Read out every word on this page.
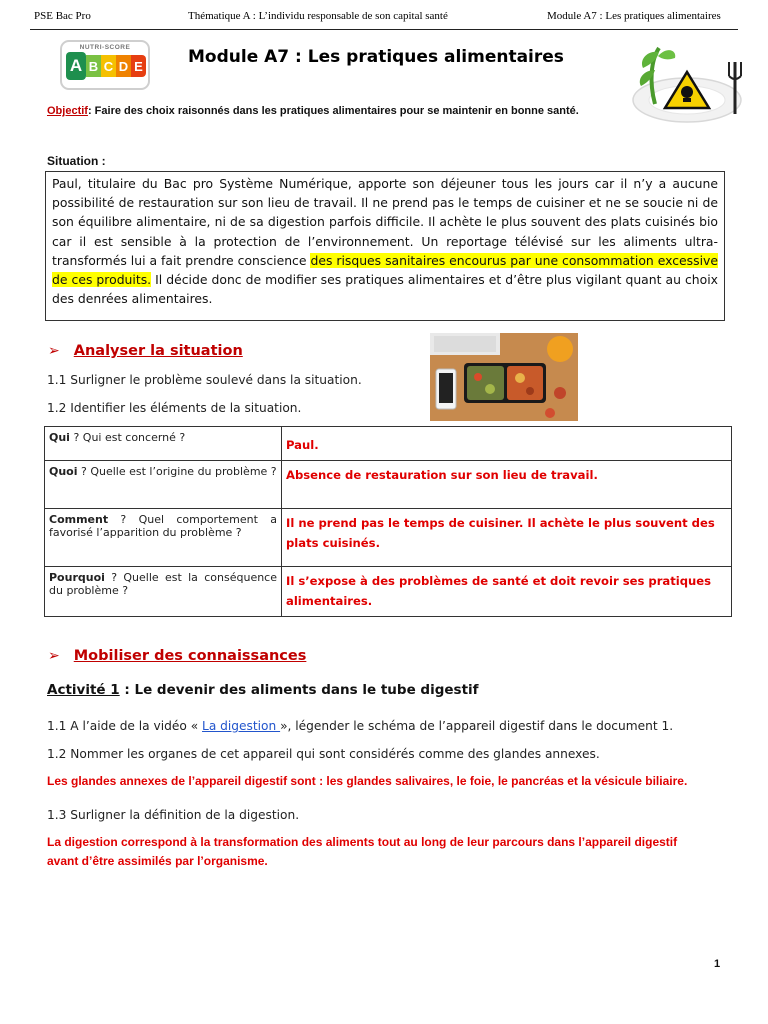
PSE Bac Pro	Thématique A : L’individu responsable de son capital santé	Module A7 : Les pratiques alimentaires
NUTRI-SCORE
A B C D E	Module A7 : Les pratiques alimentaires
Objectif: Faire des choix raisonnés dans les pratiques alimentaires pour se maintenir en bonne santé.
Situation :
Paul, titulaire du Bac pro Système Numérique, apporte son déjeuner tous les jours car il n’y a aucune possibilité de restauration sur son lieu de travail. Il ne prend pas le temps de cuisiner et ne se soucie ni de son équilibre alimentaire, ni de sa digestion parfois difficile. Il achète le plus souvent des plats cuisinés bio car il est sensible à la protection de l’environnement. Un reportage télévisé sur les aliments ultra-transformés lui a fait prendre conscience des risques sanitaires encourus par une consommation excessive de ces produits. Il décide donc de modifier ses pratiques alimentaires et d’être plus vigilant quant au choix des denrées alimentaires.
➢ Analyser la situation
1.1 Surligner le problème soulevé dans la situation.
1.2 Identifier les éléments de la situation.
Qui ? Qui est concerné ?	Paul.
Quoi ? Quelle est l’origine du problème ?	Absence de restauration sur son lieu de travail.
Comment ? Quel comportement a favorisé l’apparition du problème ?	Il ne prend pas le temps de cuisiner. Il achète le plus souvent des plats cuisinés.
Pourquoi ? Quelle est la conséquence du problème ?	Il s’expose à des problèmes de santé et doit revoir ses pratiques alimentaires.
➢ Mobiliser des connaissances
Activité 1 : Le devenir des aliments dans le tube digestif
1.1 A l’aide de la vidéo « La digestion », légender le schéma de l’appareil digestif dans le document 1.
1.2 Nommer les organes de cet appareil qui sont considérés comme des glandes annexes.
Les glandes annexes de l’appareil digestif sont : les glandes salivaires, le foie, le pancréas et la vésicule biliaire.
1.3 Surligner la définition de la digestion.
La digestion correspond à la transformation des aliments tout au long de leur parcours dans l’appareil digestif
avant d’être assimilés par l’organisme.
1
